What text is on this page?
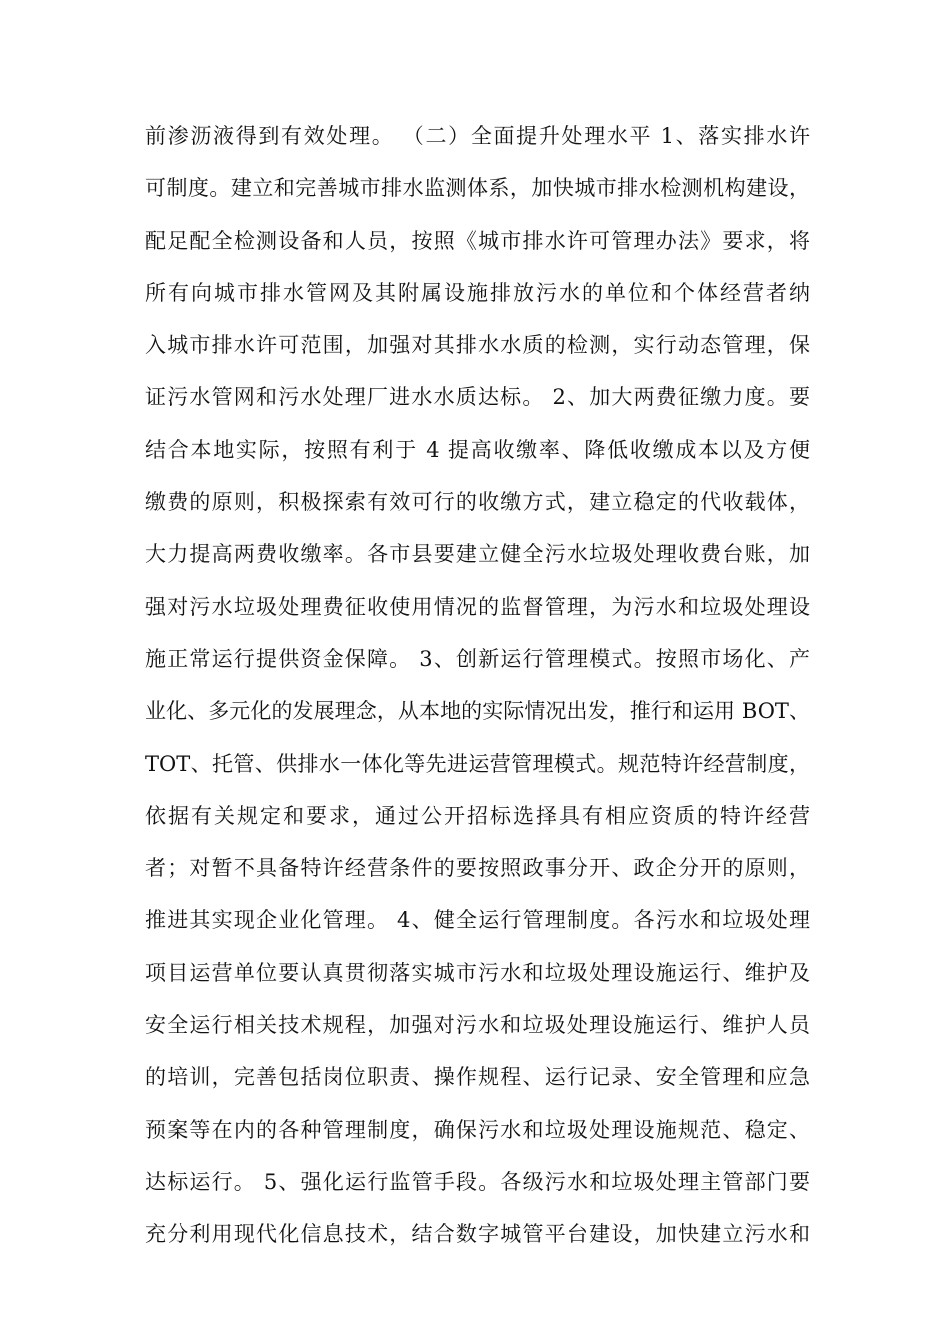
前渗沥液得到有效处理。 （二）全面提升处理水平 1、落实排水许
可制度。建立和完善城市排水监测体系，加快城市排水检测机构建设，
配足配全检测设备和人员，按照《城市排水许可管理办法》要求，将
所有向城市排水管网及其附属设施排放污水的单位和个体经营者纳
入城市排水许可范围，加强对其排水水质的检测，实行动态管理，保
证污水管网和污水处理厂进水水质达标。 2、加大两费征缴力度。要
结合本地实际，按照有利于 4 提高收缴率、降低收缴成本以及方便
缴费的原则，积极探索有效可行的收缴方式，建立稳定的代收载体，
大力提高两费收缴率。各市县要建立健全污水垃圾处理收费台账，加
强对污水垃圾处理费征收使用情况的监督管理，为污水和垃圾处理设
施正常运行提供资金保障。 3、创新运行管理模式。按照市场化、产
业化、多元化的发展理念，从本地的实际情况出发，推行和运用 BOT、
TOT、托管、供排水一体化等先进运营管理模式。规范特许经营制度，
依据有关规定和要求，通过公开招标选择具有相应资质的特许经营
者；对暂不具备特许经营条件的要按照政事分开、政企分开的原则，
推进其实现企业化管理。 4、健全运行管理制度。各污水和垃圾处理
项目运营单位要认真贯彻落实城市污水和垃圾处理设施运行、维护及
安全运行相关技术规程，加强对污水和垃圾处理设施运行、维护人员
的培训，完善包括岗位职责、操作规程、运行记录、安全管理和应急
预案等在内的各种管理制度，确保污水和垃圾处理设施规范、稳定、
达标运行。 5、强化运行监管手段。各级污水和垃圾处理主管部门要
充分利用现代化信息技术，结合数字城管平台建设，加快建立污水和
